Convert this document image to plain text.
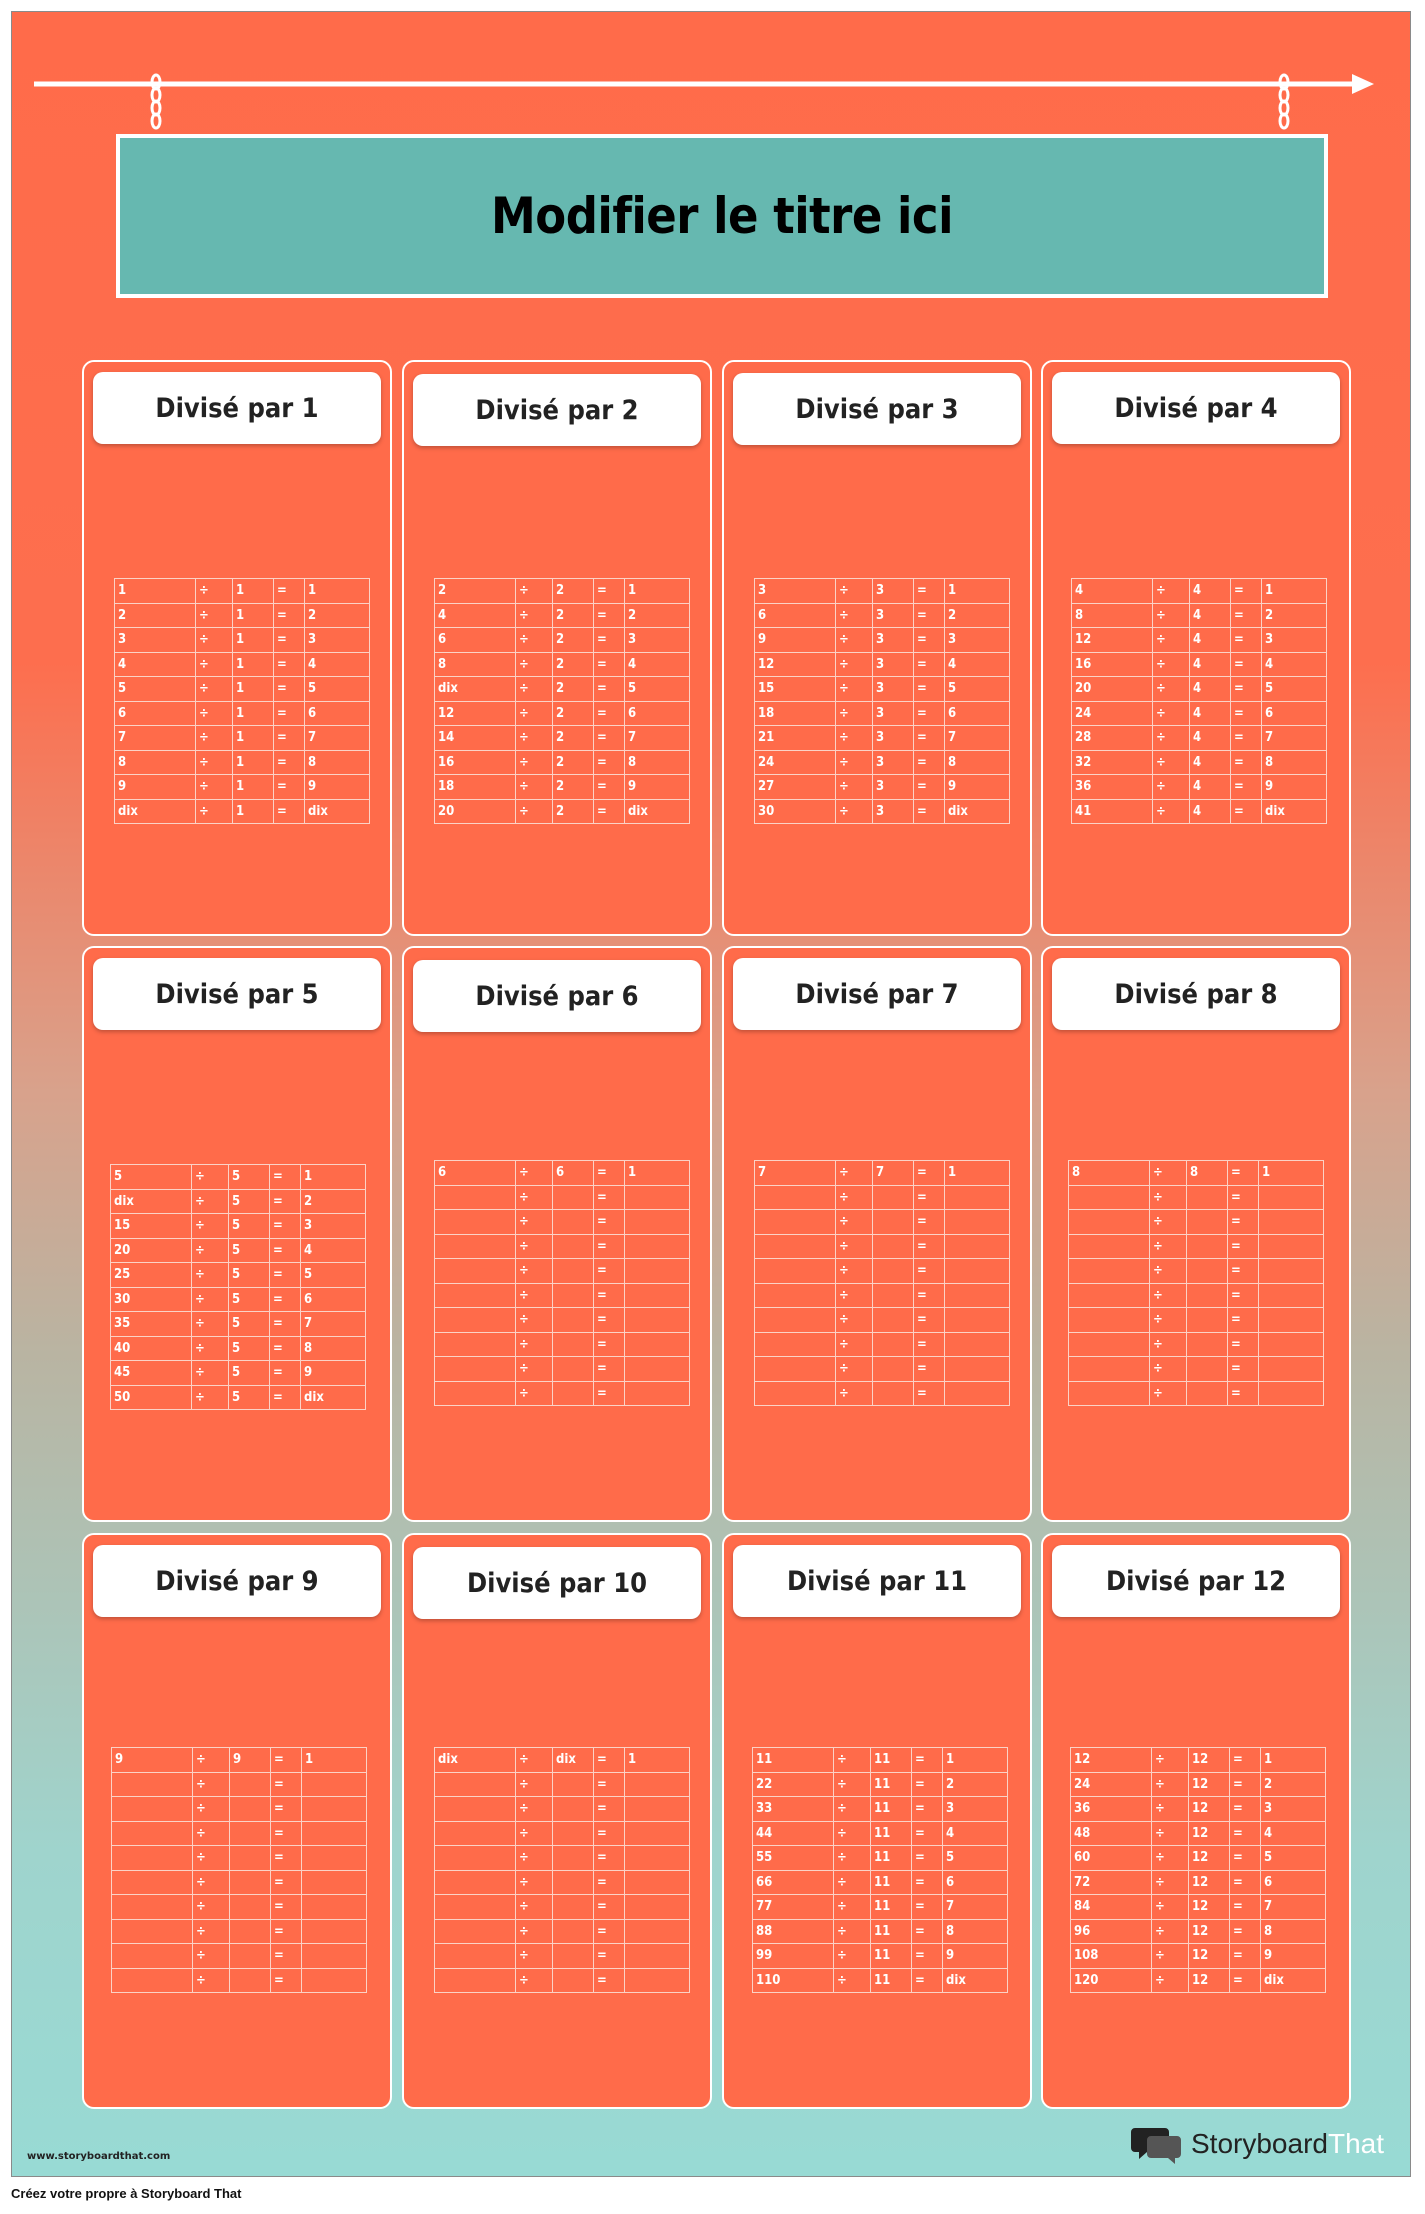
Modifier le titre ici
Divisé par 1
1	÷	1	=	1
2	÷	1	=	2
3	÷	1	=	3
4	÷	1	=	4
5	÷	1	=	5
6	÷	1	=	6
7	÷	1	=	7
8	÷	1	=	8
9	÷	1	=	9
dix	÷	1	=	dix
Divisé par 2
2	÷	2	=	1
4	÷	2	=	2
6	÷	2	=	3
8	÷	2	=	4
dix	÷	2	=	5
12	÷	2	=	6
14	÷	2	=	7
16	÷	2	=	8
18	÷	2	=	9
20	÷	2	=	dix
Divisé par 3
3	÷	3	=	1
6	÷	3	=	2
9	÷	3	=	3
12	÷	3	=	4
15	÷	3	=	5
18	÷	3	=	6
21	÷	3	=	7
24	÷	3	=	8
27	÷	3	=	9
30	÷	3	=	dix
Divisé par 4
4	÷	4	=	1
8	÷	4	=	2
12	÷	4	=	3
16	÷	4	=	4
20	÷	4	=	5
24	÷	4	=	6
28	÷	4	=	7
32	÷	4	=	8
36	÷	4	=	9
41	÷	4	=	dix
Divisé par 5
5	÷	5	=	1
dix	÷	5	=	2
15	÷	5	=	3
20	÷	5	=	4
25	÷	5	=	5
30	÷	5	=	6
35	÷	5	=	7
40	÷	5	=	8
45	÷	5	=	9
50	÷	5	=	dix
Divisé par 6
6	÷	6	=	1
	÷		=	
	÷		=	
	÷		=	
	÷		=	
	÷		=	
	÷		=	
	÷		=	
	÷		=	
	÷		=	
Divisé par 7
7	÷	7	=	1
	÷		=	
	÷		=	
	÷		=	
	÷		=	
	÷		=	
	÷		=	
	÷		=	
	÷		=	
	÷		=	
Divisé par 8
8	÷	8	=	1
	÷		=	
	÷		=	
	÷		=	
	÷		=	
	÷		=	
	÷		=	
	÷		=	
	÷		=	
	÷		=	
Divisé par 9
9	÷	9	=	1
	÷		=	
	÷		=	
	÷		=	
	÷		=	
	÷		=	
	÷		=	
	÷		=	
	÷		=	
	÷		=	
Divisé par 10
dix	÷	dix	=	1
	÷		=	
	÷		=	
	÷		=	
	÷		=	
	÷		=	
	÷		=	
	÷		=	
	÷		=	
	÷		=	
Divisé par 11
11	÷	11	=	1
22	÷	11	=	2
33	÷	11	=	3
44	÷	11	=	4
55	÷	11	=	5
66	÷	11	=	6
77	÷	11	=	7
88	÷	11	=	8
99	÷	11	=	9
110	÷	11	=	dix
Divisé par 12
12	÷	12	=	1
24	÷	12	=	2
36	÷	12	=	3
48	÷	12	=	4
60	÷	12	=	5
72	÷	12	=	6
84	÷	12	=	7
96	÷	12	=	8
108	÷	12	=	9
120	÷	12	=	dix
www.storyboardthat.com	StoryboardThat
Créez votre propre à Storyboard That
